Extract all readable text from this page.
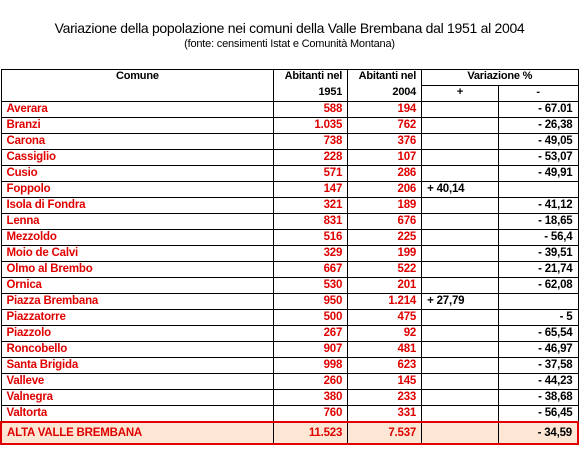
Variazione della popolazione nei comuni della Valle Brembana dal 1951 al 2004
(fonte: censimenti Istat e Comunità Montana)
Comune	Abitanti nel	Abitanti nel	Variazione %	
	1951	2004	+	-
Averara	588	194		- 67.01
Branzi	1.035	762		- 26,38
Carona	738	376		- 49,05
Cassiglio	228	107		- 53,07
Cusio	571	286		- 49,91
Foppolo	147	206	+ 40,14	
Isola di Fondra	321	189		- 41,12
Lenna	831	676		- 18,65
Mezzoldo	516	225		- 56,4
Moio de Calvi	329	199		- 39,51
Olmo al Brembo	667	522		- 21,74
Ornica	530	201		- 62,08
Piazza Brembana	950	1.214	+ 27,79	
Piazzatorre	500	475		- 5
Piazzolo	267	92		- 65,54
Roncobello	907	481		- 46,97
Santa Brigida	998	623		- 37,58
Valleve	260	145		- 44,23
Valnegra	380	233		- 38,68
Valtorta	760	331		- 56,45
ALTA VALLE BREMBANA	11.523	7.537		- 34,59
